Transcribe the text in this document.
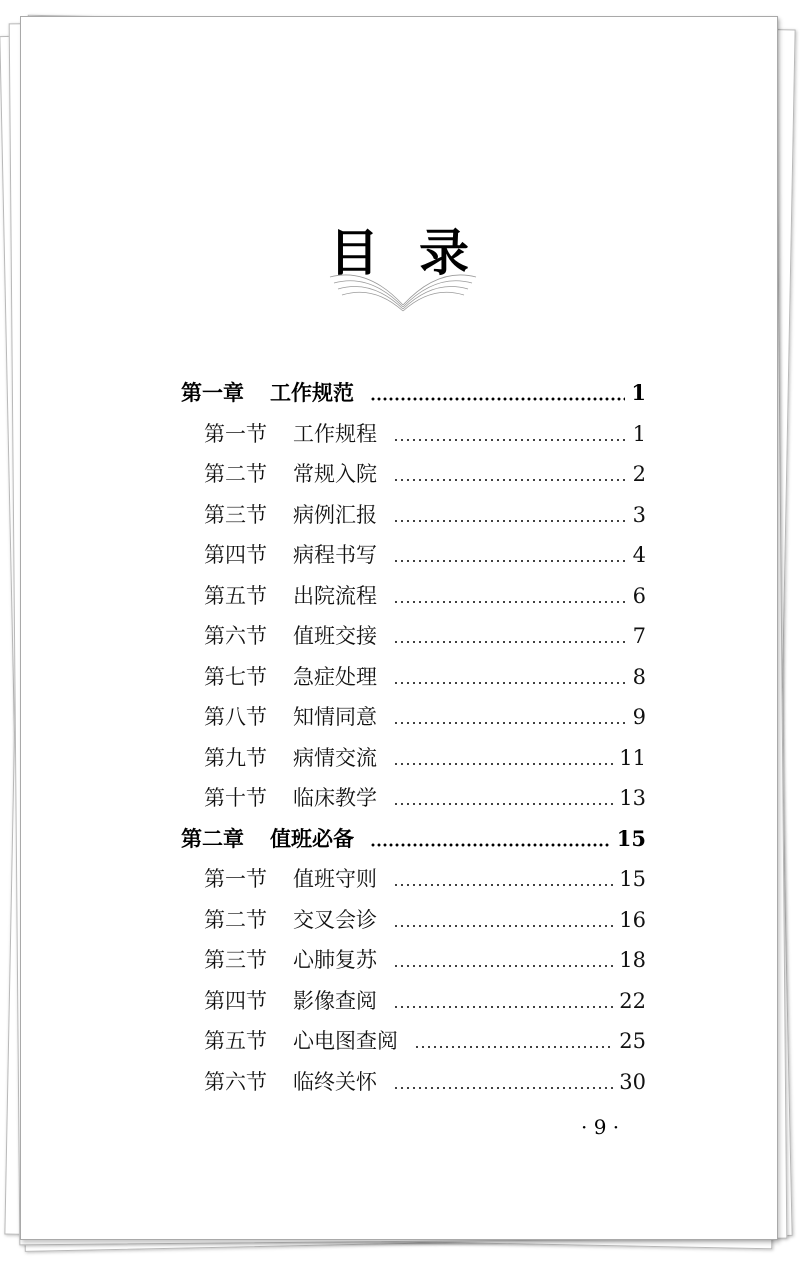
目录
第一章 工作规范	1
第一节 工作规程	1
第二节 常规入院	2
第三节 病例汇报	3
第四节 病程书写	4
第五节 出院流程	6
第六节 值班交接	7
第七节 急症处理	8
第八节 知情同意	9
第九节 病情交流	11
第十节 临床教学	13
第二章 值班必备	15
第一节 值班守则	15
第二节 交叉会诊	16
第三节 心肺复苏	18
第四节 影像查阅	22
第五节 心电图查阅	25
第六节 临终关怀	30
· 9 ·
